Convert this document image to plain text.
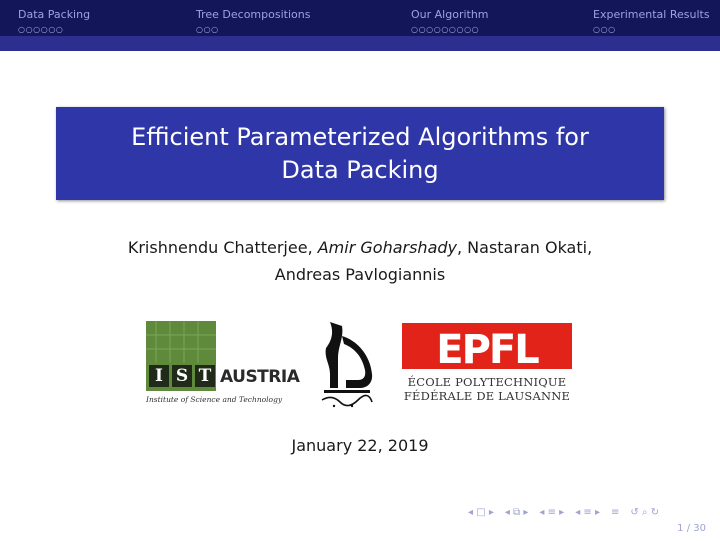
Data Packing	Tree Decompositions	Our Algorithm	Experimental Results
○○○○○○	○○○	○○○○○○○○○	○○○
Efficient Parameterized Algorithms for
Data Packing
Krishnendu Chatterjee, Amir Goharshady, Nastaran Okati,
Andreas Pavlogiannis
I S T AUSTRIA
Institute of Science and Technology
EPFL
ÉCOLE POLYTECHNIQUE
FÉDÉRALE DE LAUSANNE
January 22, 2019
◂ □ ▸ ◂ ⧉ ▸ ◂ ≡ ▸ ◂ ≡ ▸ ≡ ↺ ⌕ ↻
1 / 30
